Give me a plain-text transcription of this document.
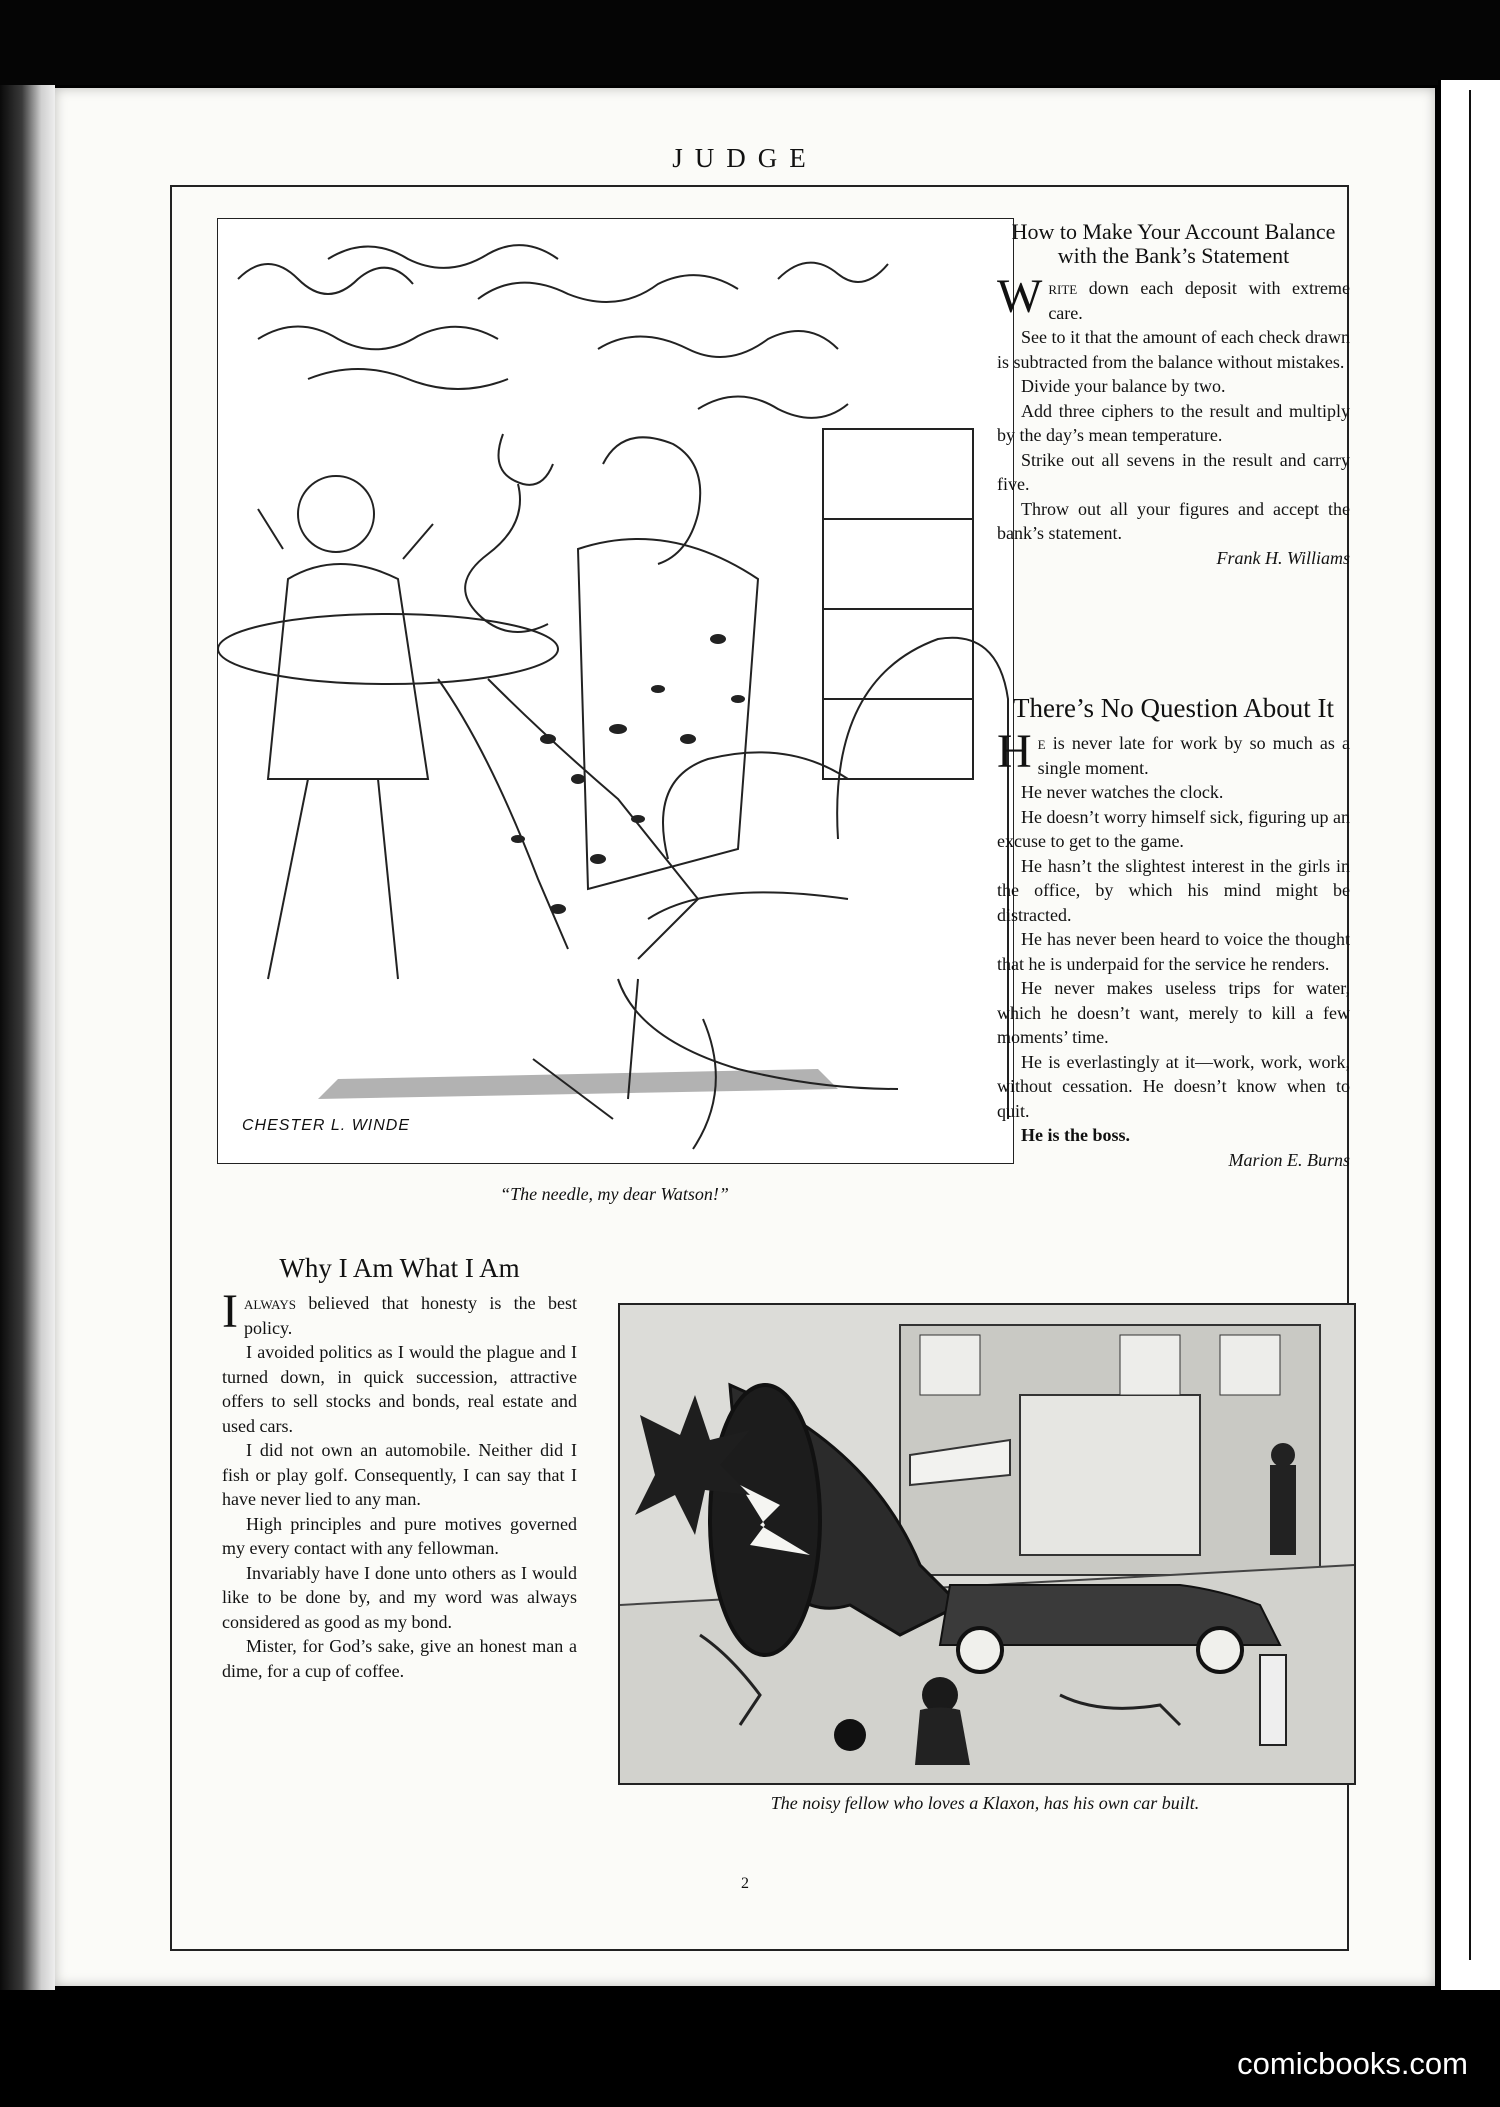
JUDGE
CHESTER L. WINDE
“The needle, my dear Watson!”
How to Make Your Account Balance with the Bank’s Statement

Write down each deposit with extreme care.

See to it that the amount of each check drawn is subtracted from the balance without mistakes.

Divide your balance by two.

Add three ciphers to the result and multiply by the day’s mean temperature.

Strike out all sevens in the result and carry five.

Throw out all your figures and accept the bank’s statement.

Frank H. Williams

There’s No Question About It

He is never late for work by so much as a single moment.

He never watches the clock.

He doesn’t worry himself sick, figuring up an excuse to get to the game.

He hasn’t the slightest interest in the girls in the office, by which his mind might be distracted.

He has never been heard to voice the thought that he is underpaid for the service he renders.

He never makes useless trips for water, which he doesn’t want, merely to kill a few moments’ time.

He is everlastingly at it—work, work, work, without cessation. He doesn’t know when to quit.

He is the boss.

Marion E. Burns

Why I Am What I Am

Ialways believed that honesty is the best policy.

I avoided politics as I would the plague and I turned down, in quick succession, attractive offers to sell stocks and bonds, real estate and used cars.

I did not own an automobile. Neither did I fish or play golf. Consequently, I can say that I have never lied to any man.

High principles and pure motives governed my every contact with any fellowman.

Invariably have I done unto others as I would like to be done by, and my word was always considered as good as my bond.

Mister, for God’s sake, give an honest man a dime, for a cup of coffee.

The noisy fellow who loves a Klaxon, has his own car built.
2
comicbooks.com
